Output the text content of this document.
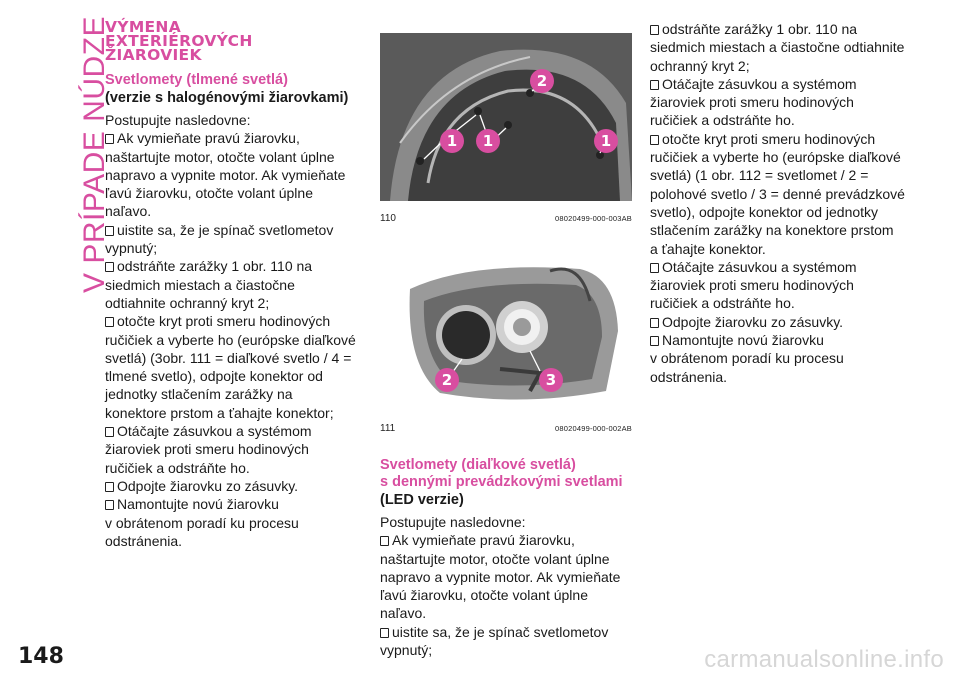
V PRÍPADE NÚDZE
VÝMENA
EXTERIÉROVÝCH
ŽIAROVIEK
Svetlomety (tlmené svetlá)
(verzie s halogénovými žiarovkami)

Postupujte nasledovne:

Ak vymieňate pravú žiarovku, naštartujte motor, otočte volant úplne napravo a vypnite motor. Ak vymieňate ľavú žiarovku, otočte volant úplne naľavo.

uistite sa, že je spínač svetlometov vypnutý;

odstráňte zarážky 1 obr. 110 na siedmich miestach a čiastočne odtiahnite ochranný kryt 2;

otočte kryt proti smeru hodinových ručičiek a vyberte ho (európske diaľkové svetlá) (3obr. 111 = diaľkové svetlo / 4 = tlmené svetlo), odpojte konektor od jednotky stlačením zarážky na konektore prstom a ťahajte konektor;

Otáčajte zásuvkou a systémom žiaroviek proti smeru hodinových ručičiek a odstráňte ho.

Odpojte žiarovku zo zásuvky.

Namontujte novú žiarovku

v obrátenom poradí ku procesu odstránenia.

2
1	1	1
110	08020499-000-003AB
2	3
111	08020499-000-002AB
Svetlomety (diaľkové svetlá)
s dennými prevádzkovými svetlami
(LED verzie)

Postupujte nasledovne:

Ak vymieňate pravú žiarovku, naštartujte motor, otočte volant úplne napravo a vypnite motor. Ak vymieňate ľavú žiarovku, otočte volant úplne naľavo.

uistite sa, že je spínač svetlometov vypnutý;

odstráňte zarážky 1 obr. 110 na siedmich miestach a čiastočne odtiahnite ochranný kryt 2;

Otáčajte zásuvkou a systémom žiaroviek proti smeru hodinových ručičiek a odstráňte ho.

otočte kryt proti smeru hodinových ručičiek a vyberte ho (európske diaľkové svetlá) (1 obr. 112 = svetlomet / 2 = polohové svetlo / 3 = denné prevádzkové svetlo), odpojte konektor od jednotky stlačením zarážky na konektore prstom a ťahajte konektor.

Otáčajte zásuvkou a systémom žiaroviek proti smeru hodinových ručičiek a odstráňte ho.

Odpojte žiarovku zo zásuvky.

Namontujte novú žiarovku

v obrátenom poradí ku procesu odstránenia.

148	carmanualsonline.info
